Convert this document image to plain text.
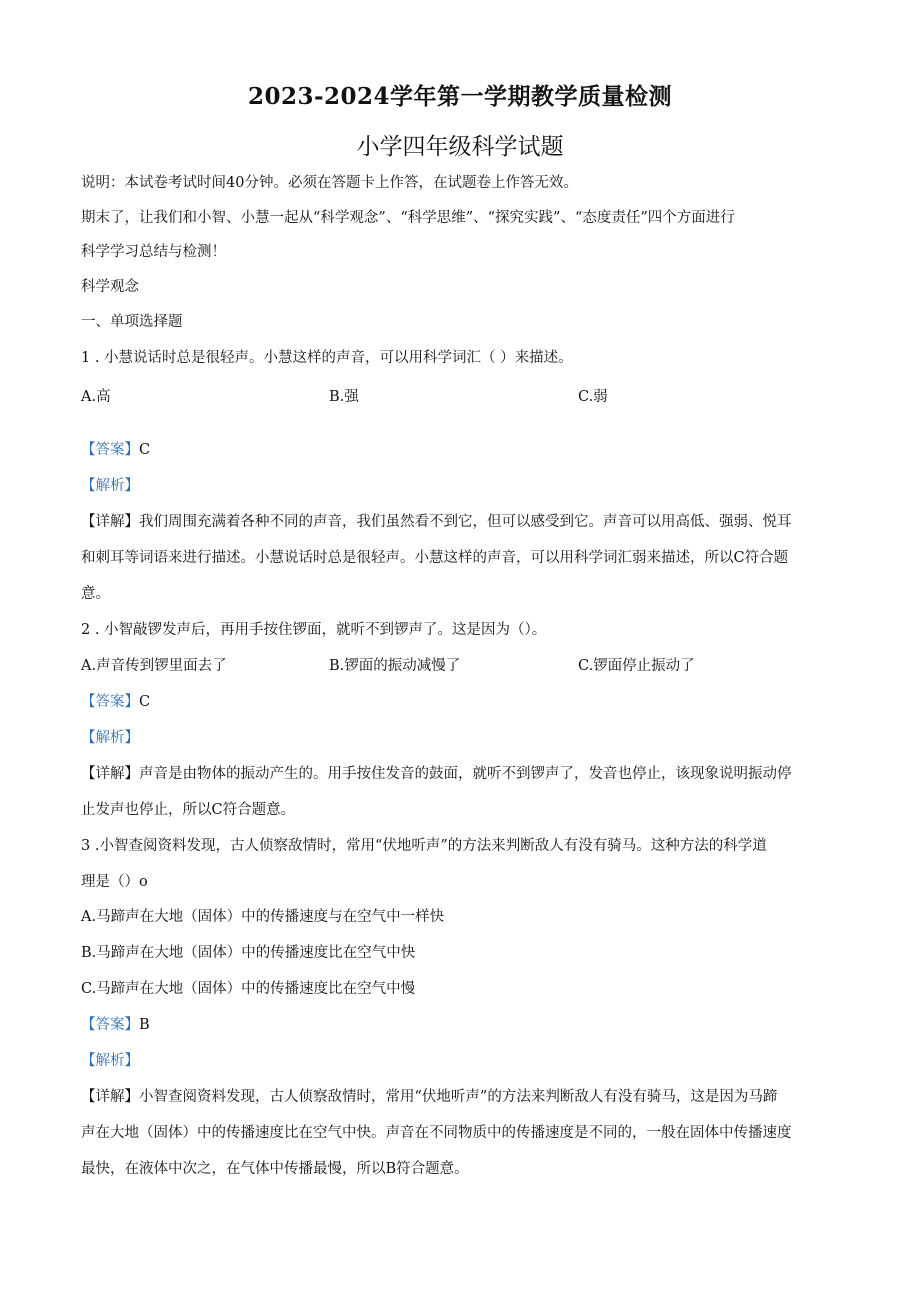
2023-2024学年第一学期教学质量检测
小学四年级科学试题
说明：本试卷考试时间40分钟。必须在答题卡上作答，在试题卷上作答无效。
期末了，让我们和小智、小慧一起从“科学观念”、“科学思维”、“探究实践”、“态度责任”四个方面进行
科学学习总结与检测！
科学观念
一、单项选择题
1 . 小慧说话时总是很轻声。小慧这样的声音，可以用科学词汇（ ）来描述。
A.高	B.强	C.弱
【答案】C
【解析】
【详解】我们周围充满着各种不同的声音，我们虽然看不到它，但可以感受到它。声音可以用高低、强弱、悦耳
和刺耳等词语来进行描述。小慧说话时总是很轻声。小慧这样的声音，可以用科学词汇弱来描述，所以C符合题
意。
2 . 小智敲锣发声后，再用手按住锣面，就听不到锣声了。这是因为（）。
A.声音传到锣里面去了	B.锣面的振动减慢了	C.锣面停止振动了
【答案】C
【解析】
【详解】声音是由物体的振动产生的。用手按住发音的鼓面，就听不到锣声了，发音也停止，该现象说明振动停
止发声也停止，所以C符合题意。
3 .小智查阅资料发现，古人侦察敌情时，常用“伏地听声”的方法来判断敌人有没有骑马。这种方法的科学道
理是（）o
A.马蹄声在大地（固体）中的传播速度与在空气中一样快
B.马蹄声在大地（固体）中的传播速度比在空气中快
C.马蹄声在大地（固体）中的传播速度比在空气中慢
【答案】B
【解析】
【详解】小智查阅资料发现，古人侦察敌情时，常用“伏地听声”的方法来判断敌人有没有骑马，这是因为马蹄
声在大地（固体）中的传播速度比在空气中快。声音在不同物质中的传播速度是不同的，一般在固体中传播速度
最快，在液体中次之，在气体中传播最慢，所以B符合题意。
